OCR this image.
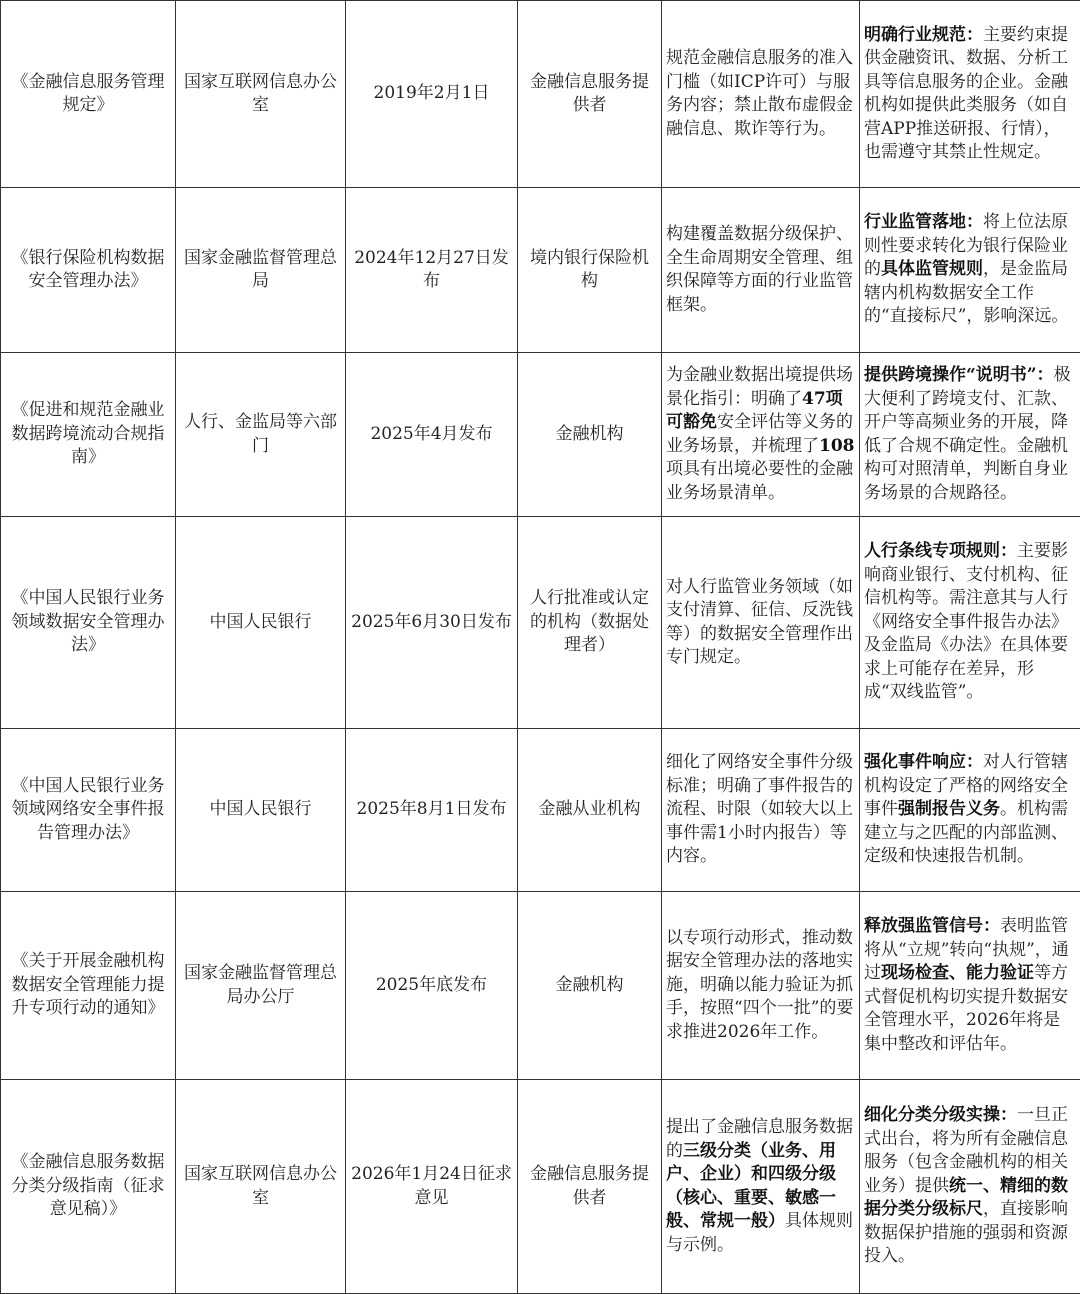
《金融信息服务管理规定》	国家互联网信息办公室	2019年2月1日	金融信息服务提供者	规范金融信息服务的准入门槛（如ICP许可）与服务内容；禁止散布虚假金融信息、欺诈等行为。	明确行业规范：主要约束提供金融资讯、数据、分析工具等信息服务的企业。金融机构如提供此类服务（如自营APP推送研报、行情），也需遵守其禁止性规定。
《银行保险机构数据安全管理办法》	国家金融监督管理总局	2024年12月27日发布	境内银行保险机构	构建覆盖数据分级保护、全生命周期安全管理、组织保障等方面的行业监管框架。	行业监管落地：将上位法原则性要求转化为银行保险业的具体监管规则，是金监局辖内机构数据安全工作的“直接标尺”，影响深远。
《促进和规范金融业数据跨境流动合规指南》	人行、金监局等六部门	2025年4月发布	金融机构	为金融业数据出境提供场景化指引：明确了47项可豁免安全评估等义务的业务场景，并梳理了108项具有出境必要性的金融业务场景清单。	提供跨境操作“说明书”：极大便利了跨境支付、汇款、开户等高频业务的开展，降低了合规不确定性。金融机构可对照清单，判断自身业务场景的合规路径。
《中国人民银行业务领域数据安全管理办法》	中国人民银行	2025年6月30日发布	人行批准或认定的机构（数据处理者）	对人行监管业务领域（如支付清算、征信、反洗钱等）的数据安全管理作出专门规定。	人行条线专项规则：主要影响商业银行、支付机构、征信机构等。需注意其与人行《网络安全事件报告办法》及金监局《办法》在具体要求上可能存在差异，形成“双线监管”。
《中国人民银行业务领域网络安全事件报告管理办法》	中国人民银行	2025年8月1日发布	金融从业机构	细化了网络安全事件分级标准；明确了事件报告的流程、时限（如较大以上事件需1小时内报告）等内容。	强化事件响应：对人行管辖机构设定了严格的网络安全事件强制报告义务。机构需建立与之匹配的内部监测、定级和快速报告机制。
《关于开展金融机构数据安全管理能力提升专项行动的通知》	国家金融监督管理总局办公厅	2025年底发布	金融机构	以专项行动形式，推动数据安全管理办法的落地实施，明确以能力验证为抓手，按照“四个一批”的要求推进2026年工作。	释放强监管信号：表明监管将从“立规”转向“执规”，通过现场检查、能力验证等方式督促机构切实提升数据安全管理水平，2026年将是集中整改和评估年。
《金融信息服务数据分类分级指南（征求意见稿）》	国家互联网信息办公室	2026年1月24日征求意见	金融信息服务提供者	提出了金融信息服务数据的三级分类（业务、用户、企业）和四级分级（核心、重要、敏感一般、常规一般）具体规则与示例。	细化分类分级实操：一旦正式出台，将为所有金融信息服务（包含金融机构的相关业务）提供统一、精细的数据分类分级标尺，直接影响数据保护措施的强弱和资源投入。
